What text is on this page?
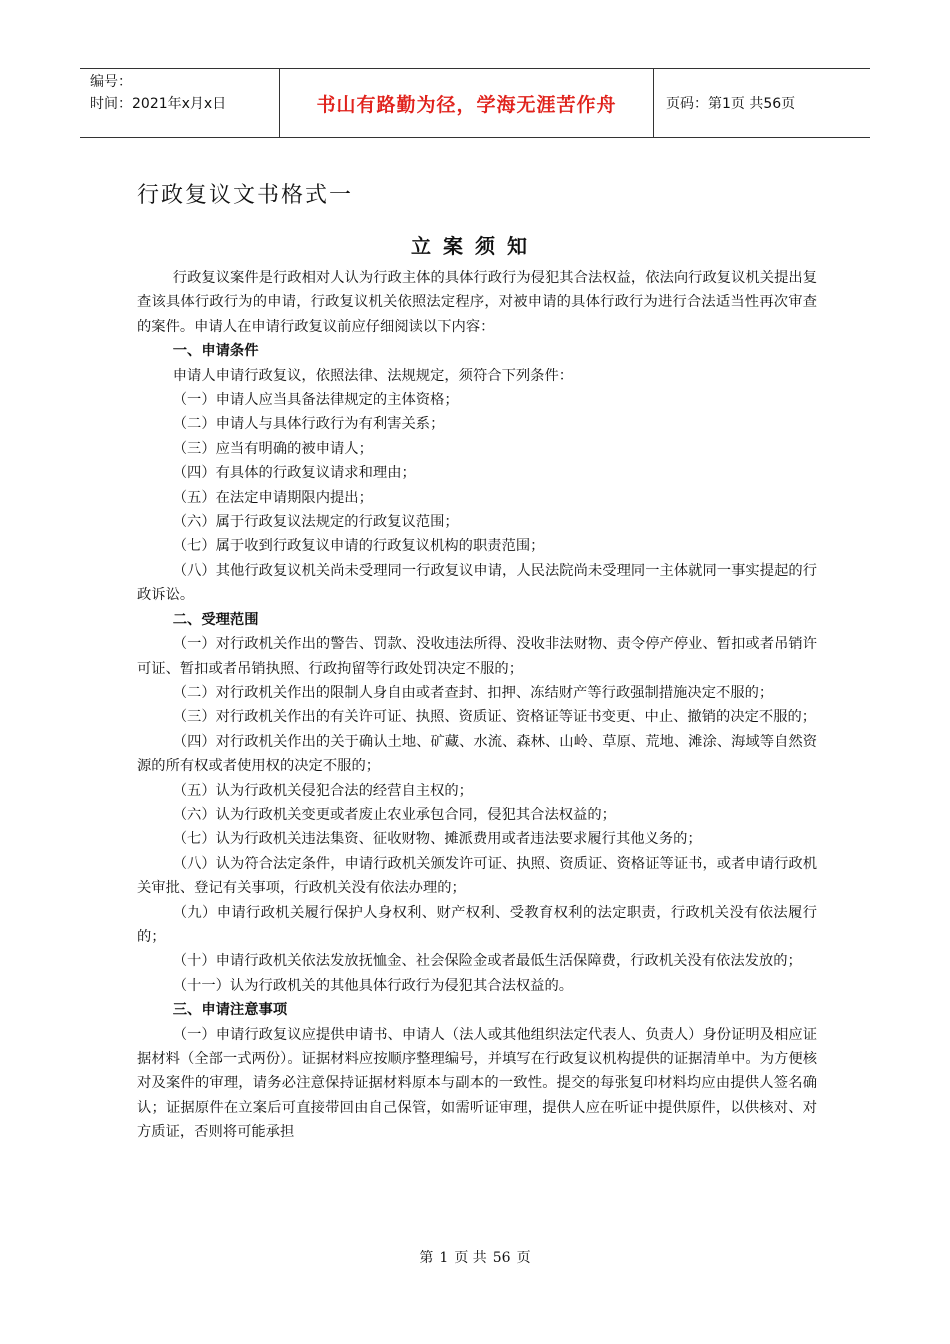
编号：
时间：2021年x月x日	书山有路勤为径，学海无涯苦作舟	页码：第1页 共56页
行政复议文书格式一
立案须知

行政复议案件是行政相对人认为行政主体的具体行政行为侵犯其合法权益，依法向行政复议机关提出复查该具体行政行为的申请，行政复议机关依照法定程序，对被申请的具体行政行为进行合法适当性再次审查的案件。申请人在申请行政复议前应仔细阅读以下内容：

一、申请条件

申请人申请行政复议，依照法律、法规规定，须符合下列条件：

（一）申请人应当具备法律规定的主体资格；

（二）申请人与具体行政行为有利害关系；

（三）应当有明确的被申请人；

（四）有具体的行政复议请求和理由；

（五）在法定申请期限内提出；

（六）属于行政复议法规定的行政复议范围；

（七）属于收到行政复议申请的行政复议机构的职责范围；

（八）其他行政复议机关尚未受理同一行政复议申请，人民法院尚未受理同一主体就同一事实提起的行政诉讼。

二、受理范围

（一）对行政机关作出的警告、罚款、没收违法所得、没收非法财物、责令停产停业、暂扣或者吊销许可证、暂扣或者吊销执照、行政拘留等行政处罚决定不服的；

（二）对行政机关作出的限制人身自由或者查封、扣押、冻结财产等行政强制措施决定不服的；

（三）对行政机关作出的有关许可证、执照、资质证、资格证等证书变更、中止、撤销的决定不服的；

（四）对行政机关作出的关于确认土地、矿藏、水流、森林、山岭、草原、荒地、滩涂、海域等自然资源的所有权或者使用权的决定不服的；

（五）认为行政机关侵犯合法的经营自主权的；

（六）认为行政机关变更或者废止农业承包合同，侵犯其合法权益的；

（七）认为行政机关违法集资、征收财物、摊派费用或者违法要求履行其他义务的；

（八）认为符合法定条件，申请行政机关颁发许可证、执照、资质证、资格证等证书，或者申请行政机关审批、登记有关事项，行政机关没有依法办理的；

（九）申请行政机关履行保护人身权利、财产权利、受教育权利的法定职责，行政机关没有依法履行的；

（十）申请行政机关依法发放抚恤金、社会保险金或者最低生活保障费，行政机关没有依法发放的；

（十一）认为行政机关的其他具体行政行为侵犯其合法权益的。

三、申请注意事项

（一）申请行政复议应提供申请书、申请人（法人或其他组织法定代表人、负责人）身份证明及相应证据材料（全部一式两份）。证据材料应按顺序整理编号，并填写在行政复议机构提供的证据清单中。为方便核对及案件的审理，请务必注意保持证据材料原本与副本的一致性。提交的每张复印材料均应由提供人签名确认；证据原件在立案后可直接带回由自己保管，如需听证审理，提供人应在听证中提供原件，以供核对、对方质证，否则将可能承担

第 1 页 共 56 页
